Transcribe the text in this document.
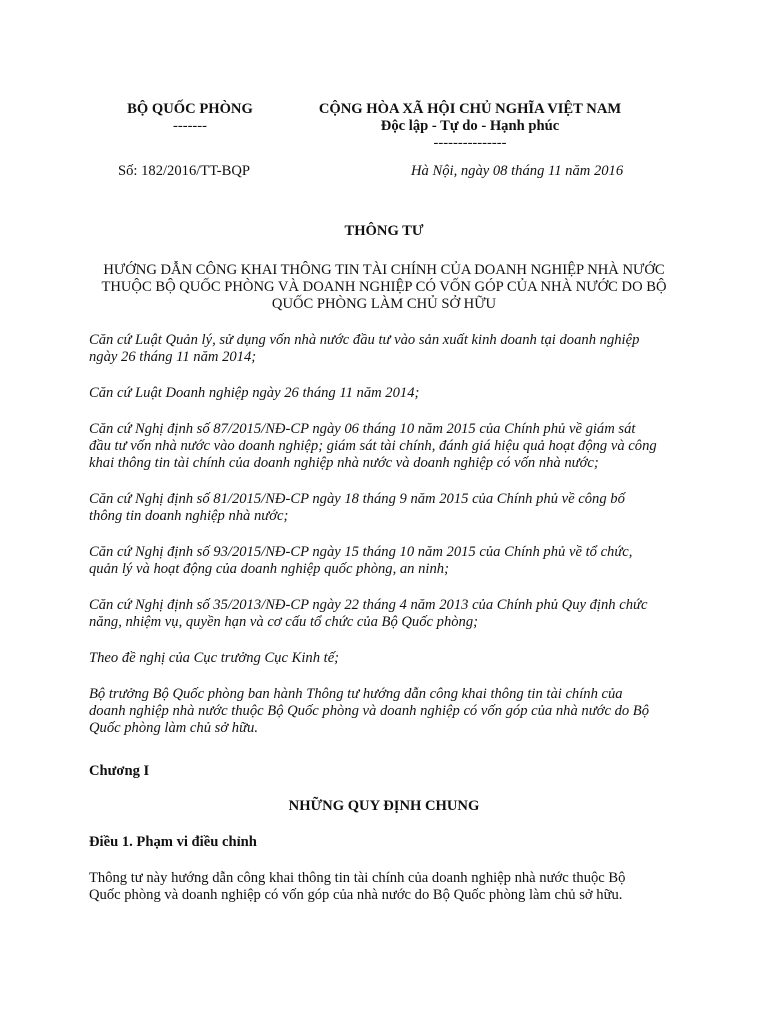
BỘ QUỐC PHÒNG
-------
CỘNG HÒA XÃ HỘI CHỦ NGHĨA VIỆT NAM
Độc lập - Tự do - Hạnh phúc
---------------
Số: 182/2016/TT-BQP	Hà Nội, ngày 08 tháng 11 năm 2016
THÔNG TƯ
HƯỚNG DẪN CÔNG KHAI THÔNG TIN TÀI CHÍNH CỦA DOANH NGHIỆP NHÀ NƯỚC
THUỘC BỘ QUỐC PHÒNG VÀ DOANH NGHIỆP CÓ VỐN GÓP CỦA NHÀ NƯỚC DO BỘ
QUỐC PHÒNG LÀM CHỦ SỞ HỮU

Căn cứ Luật Quản lý, sử dụng vốn nhà nước đầu tư vào sản xuất kinh doanh tại doanh nghiệp
ngày 26 tháng 11 năm 2014;

Căn cứ Luật Doanh nghiệp ngày 26 tháng 11 năm 2014;

Căn cứ Nghị định số 87/2015/NĐ-CP ngày 06 tháng 10 năm 2015 của Chính phủ về giám sát
đầu tư vốn nhà nước vào doanh nghiệp; giám sát tài chính, đánh giá hiệu quả hoạt động và công
khai thông tin tài chính của doanh nghiệp nhà nước và doanh nghiệp có vốn nhà nước;

Căn cứ Nghị định số 81/2015/NĐ-CP ngày 18 tháng 9 năm 2015 của Chính phủ về công bố
thông tin doanh nghiệp nhà nước;

Căn cứ Nghị định số 93/2015/NĐ-CP ngày 15 tháng 10 năm 2015 của Chính phủ về tổ chức,
quản lý và hoạt động của doanh nghiệp quốc phòng, an ninh;

Căn cứ Nghị định số 35/2013/NĐ-CP ngày 22 tháng 4 năm 2013 của Chính phủ Quy định chức
năng, nhiệm vụ, quyền hạn và cơ cấu tổ chức của Bộ Quốc phòng;

Theo đề nghị của Cục trưởng Cục Kinh tế;

Bộ trưởng Bộ Quốc phòng ban hành Thông tư hướng dẫn công khai thông tin tài chính của
doanh nghiệp nhà nước thuộc Bộ Quốc phòng và doanh nghiệp có vốn góp của nhà nước do Bộ
Quốc phòng làm chủ sở hữu.

Chương I
NHỮNG QUY ĐỊNH CHUNG
Điều 1. Phạm vi điều chỉnh
Thông tư này hướng dẫn công khai thông tin tài chính của doanh nghiệp nhà nước thuộc Bộ
Quốc phòng và doanh nghiệp có vốn góp của nhà nước do Bộ Quốc phòng làm chủ sở hữu.
